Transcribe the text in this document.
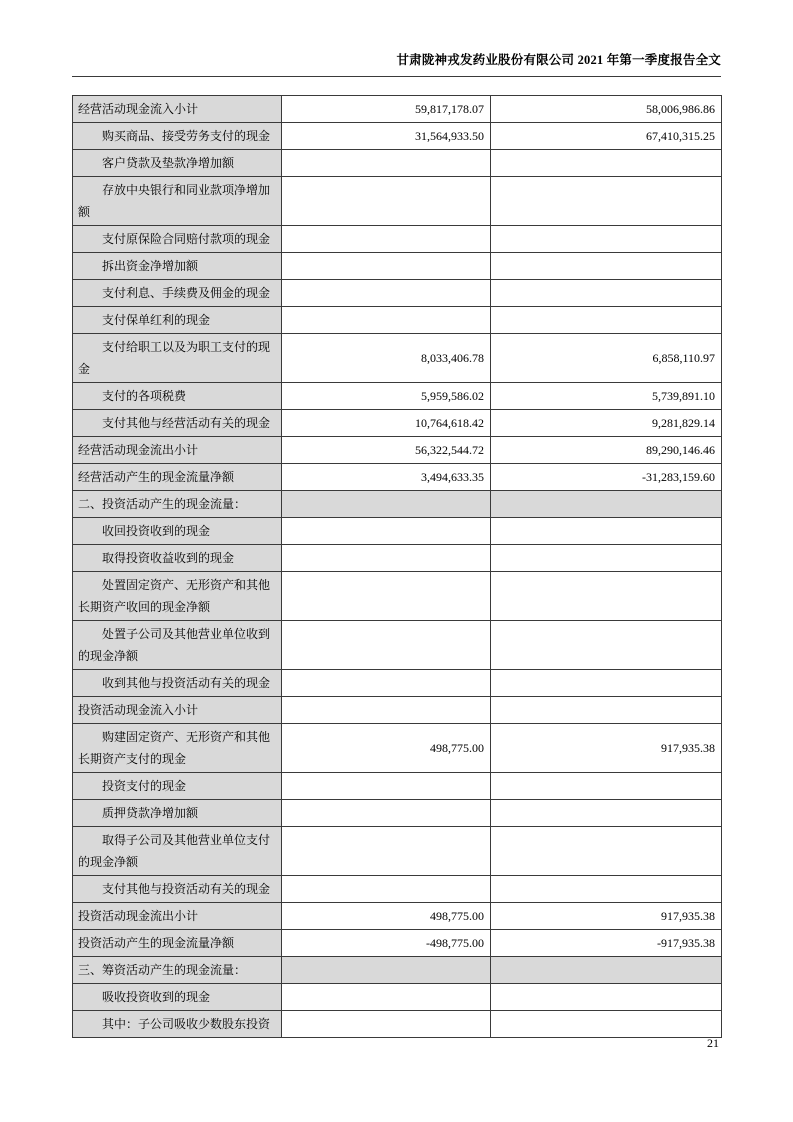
甘肃陇神戎发药业股份有限公司 2021 年第一季度报告全文
经营活动现金流入小计	59,817,178.07	58,006,986.86
购买商品、接受劳务支付的现金	31,564,933.50	67,410,315.25
客户贷款及垫款净增加额		
存放中央银行和同业款项净增加额		
支付原保险合同赔付款项的现金		
拆出资金净增加额		
支付利息、手续费及佣金的现金		
支付保单红利的现金		
支付给职工以及为职工支付的现金	8,033,406.78	6,858,110.97
支付的各项税费	5,959,586.02	5,739,891.10
支付其他与经营活动有关的现金	10,764,618.42	9,281,829.14
经营活动现金流出小计	56,322,544.72	89,290,146.46
经营活动产生的现金流量净额	3,494,633.35	-31,283,159.60
二、投资活动产生的现金流量：		
收回投资收到的现金		
取得投资收益收到的现金		
处置固定资产、无形资产和其他长期资产收回的现金净额		
处置子公司及其他营业单位收到的现金净额		
收到其他与投资活动有关的现金		
投资活动现金流入小计		
购建固定资产、无形资产和其他长期资产支付的现金	498,775.00	917,935.38
投资支付的现金		
质押贷款净增加额		
取得子公司及其他营业单位支付的现金净额		
支付其他与投资活动有关的现金		
投资活动现金流出小计	498,775.00	917,935.38
投资活动产生的现金流量净额	-498,775.00	-917,935.38
三、筹资活动产生的现金流量：		
吸收投资收到的现金		
其中：子公司吸收少数股东投资		
21
